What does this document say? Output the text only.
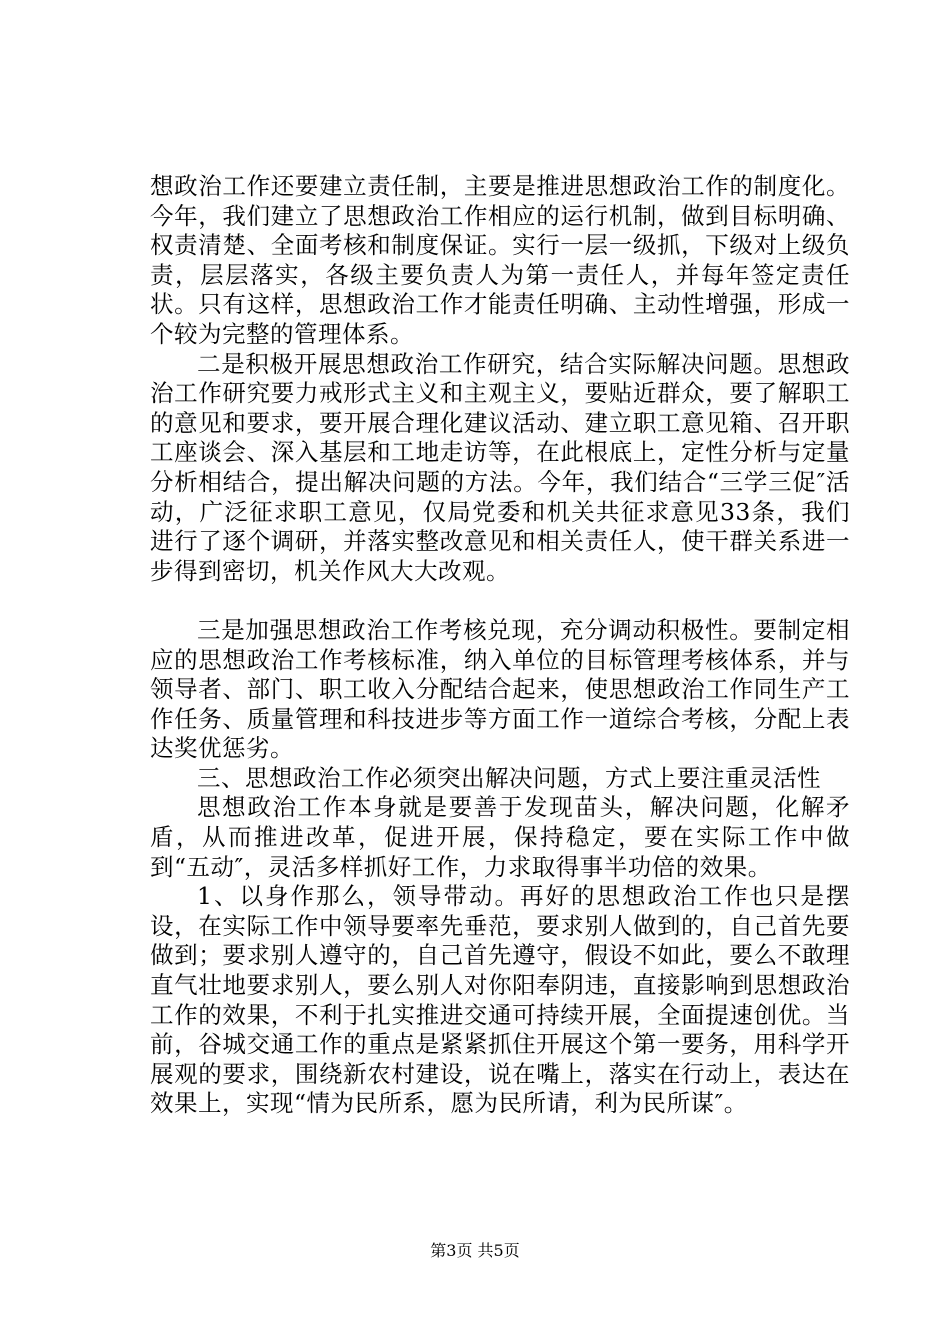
想政治工作还要建立责任制，主要是推进思想政治工作的制度化。今年，我们建立了思想政治工作相应的运行机制，做到目标明确、权责清楚、全面考核和制度保证。实行一层一级抓，下级对上级负责，层层落实，各级主要负责人为第一责任人，并每年签定责任状。只有这样，思想政治工作才能责任明确、主动性增强，形成一个较为完整的管理体系。

二是积极开展思想政治工作研究，结合实际解决问题。思想政治工作研究要力戒形式主义和主观主义，要贴近群众，要了解职工的意见和要求，要开展合理化建议活动、建立职工意见箱、召开职工座谈会、深入基层和工地走访等，在此根底上，定性分析与定量分析相结合，提出解决问题的方法。今年，我们结合“三学三促″活动，广泛征求职工意见，仅局党委和机关共征求意见33条，我们进行了逐个调研，并落实整改意见和相关责任人，使干群关系进一步得到密切，机关作风大大改观。

三是加强思想政治工作考核兑现，充分调动积极性。要制定相应的思想政治工作考核标准，纳入单位的目标管理考核体系，并与领导者、部门、职工收入分配结合起来，使思想政治工作同生产工作任务、质量管理和科技进步等方面工作一道综合考核，分配上表达奖优惩劣。

三、思想政治工作必须突出解决问题，方式上要注重灵活性

思想政治工作本身就是要善于发现苗头，解决问题，化解矛盾，从而推进改革，促进开展，保持稳定，要在实际工作中做到“五动″，灵活多样抓好工作，力求取得事半功倍的效果。

1、以身作那么，领导带动。再好的思想政治工作也只是摆设，在实际工作中领导要率先垂范，要求别人做到的，自己首先要做到；要求别人遵守的，自己首先遵守，假设不如此，要么不敢理直气壮地要求别人，要么别人对你阳奉阴违，直接影响到思想政治工作的效果，不利于扎实推进交通可持续开展，全面提速创优。当前，谷城交通工作的重点是紧紧抓住开展这个第一要务，用科学开展观的要求，围绕新农村建设，说在嘴上，落实在行动上，表达在效果上，实现“情为民所系，愿为民所请，利为民所谋″。

第3页 共5页
